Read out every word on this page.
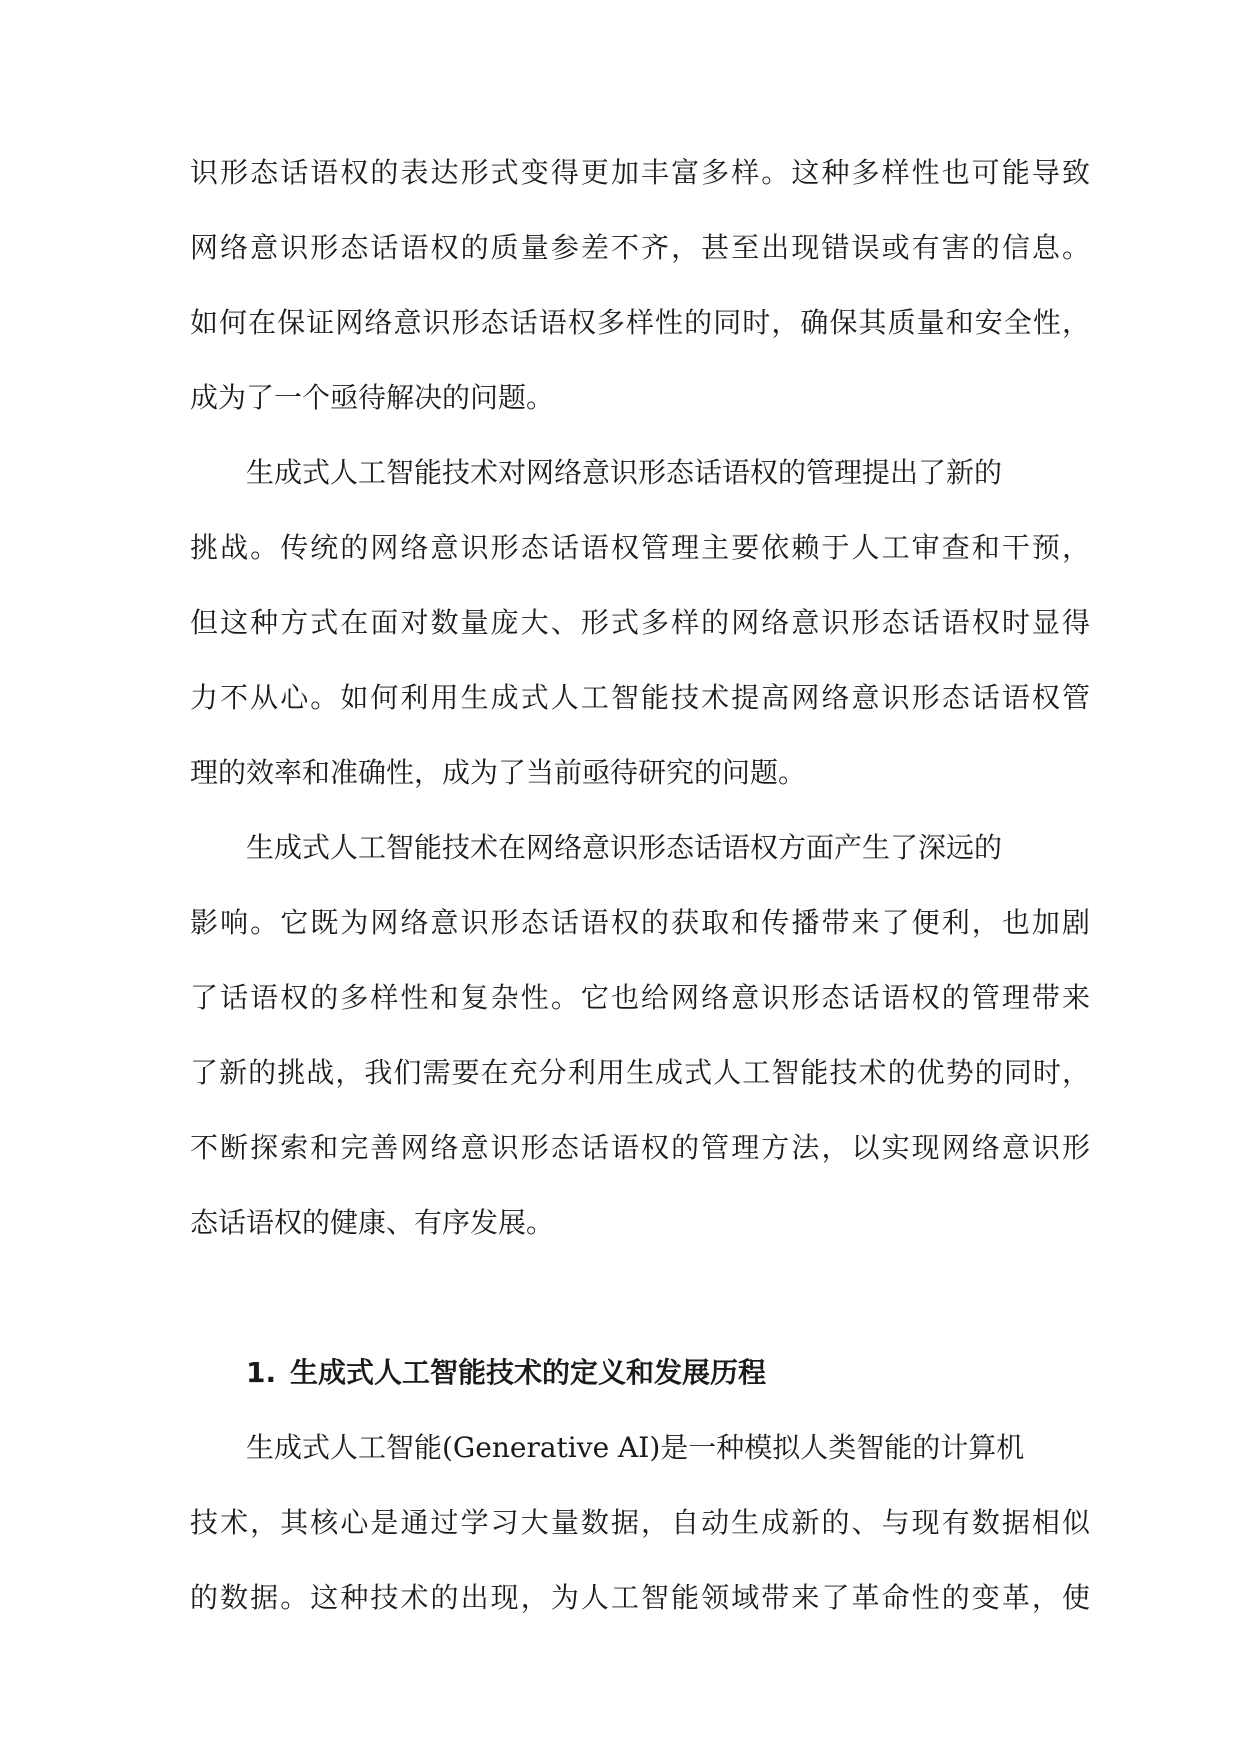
识形态话语权的表达形式变得更加丰富多样。这种多样性也可能导致
网络意识形态话语权的质量参差不齐，甚至出现错误或有害的信息。
如何在保证网络意识形态话语权多样性的同时，确保其质量和安全性，
成为了一个亟待解决的问题。
生成式人工智能技术对网络意识形态话语权的管理提出了新的
挑战。传统的网络意识形态话语权管理主要依赖于人工审查和干预，
但这种方式在面对数量庞大、形式多样的网络意识形态话语权时显得
力不从心。如何利用生成式人工智能技术提高网络意识形态话语权管
理的效率和准确性，成为了当前亟待研究的问题。
生成式人工智能技术在网络意识形态话语权方面产生了深远的
影响。它既为网络意识形态话语权的获取和传播带来了便利，也加剧
了话语权的多样性和复杂性。它也给网络意识形态话语权的管理带来
了新的挑战，我们需要在充分利用生成式人工智能技术的优势的同时，
不断探索和完善网络意识形态话语权的管理方法，以实现网络意识形
态话语权的健康、有序发展。
1. 生成式人工智能技术的定义和发展历程
生成式人工智能(Generative AI)是一种模拟人类智能的计算机
技术，其核心是通过学习大量数据，自动生成新的、与现有数据相似
的数据。这种技术的出现，为人工智能领域带来了革命性的变革，使
